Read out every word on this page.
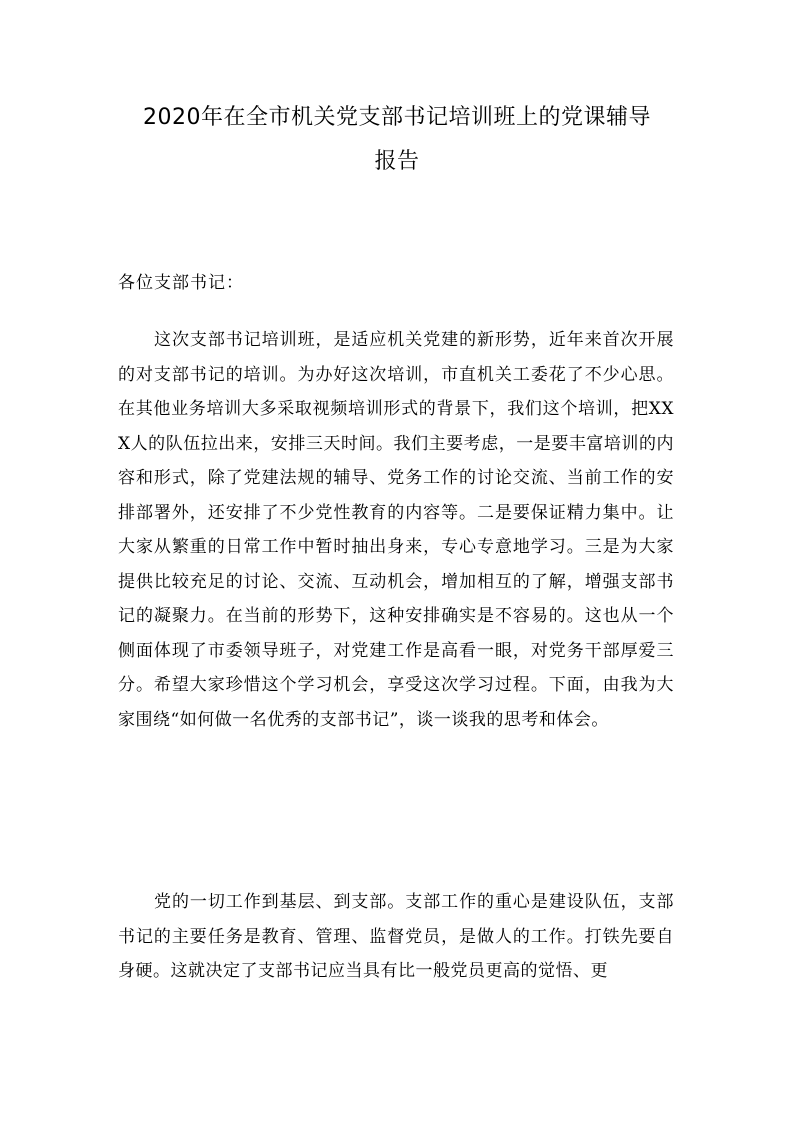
2020年在全市机关党支部书记培训班上的党课辅导
报告

各位支部书记：

这次支部书记培训班，是适应机关党建的新形势，近年来首次开展的对支部书记的培训。为办好这次培训，市直机关工委花了不少心思。在其他业务培训大多采取视频培训形式的背景下，我们这个培训，把XXX人的队伍拉出来，安排三天时间。我们主要考虑，一是要丰富培训的内容和形式，除了党建法规的辅导、党务工作的讨论交流、当前工作的安排部署外，还安排了不少党性教育的内容等。二是要保证精力集中。让大家从繁重的日常工作中暂时抽出身来，专心专意地学习。三是为大家提供比较充足的讨论、交流、互动机会，增加相互的了解，增强支部书记的凝聚力。在当前的形势下，这种安排确实是不容易的。这也从一个侧面体现了市委领导班子，对党建工作是高看一眼，对党务干部厚爱三分。希望大家珍惜这个学习机会，享受这次学习过程。下面，由我为大家围绕“如何做一名优秀的支部书记”，谈一谈我的思考和体会。

党的一切工作到基层、到支部。支部工作的重心是建设队伍，支部书记的主要任务是教育、管理、监督党员，是做人的工作。打铁先要自身硬。这就决定了支部书记应当具有比一般党员更高的觉悟、更
